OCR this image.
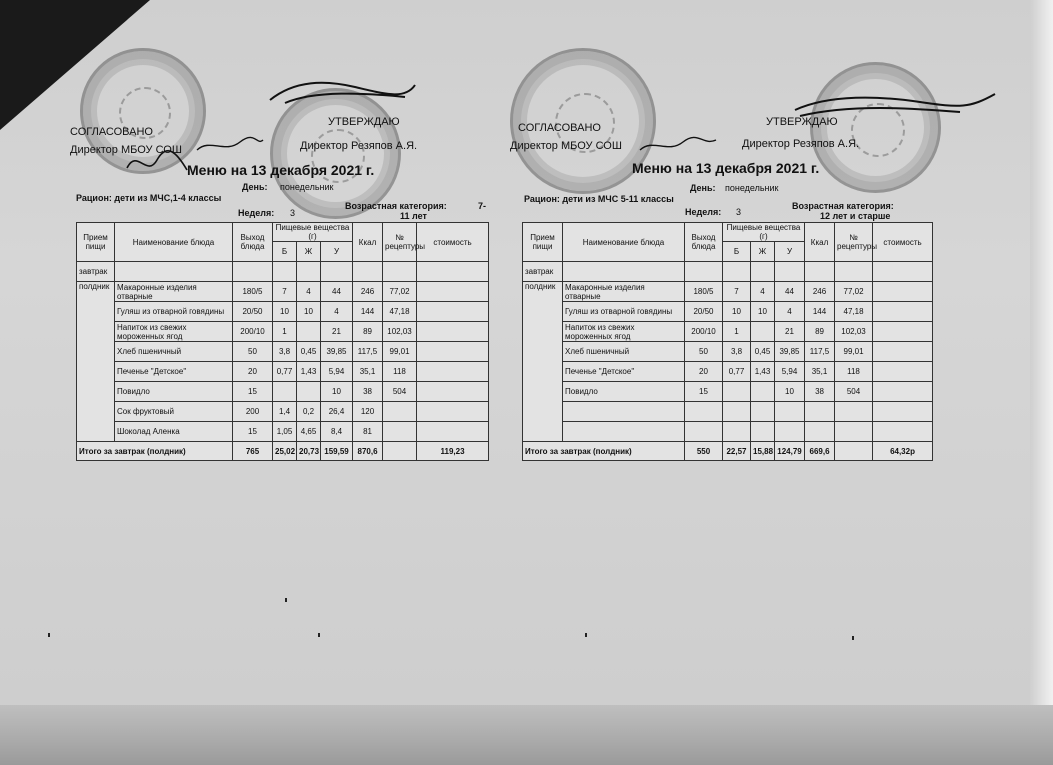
СОГЛАСОВАНО
УТВЕРЖДАЮ
Директор МБОУ СОШ	Директор Резяпов А.Я.
Меню на 13 декабря 2021 г.
День: понедельник
Рацион: дети из МЧС,1-4 классы
Возрастная категория:	7-
11 лет
Неделя: 3
Прием пищи	Наименование блюда	Выход блюда	Пищевые вещества (г)			Ккал	№ рецептуры	стоимость
			Б	Ж	У			
завтрак								
полдник	Макаронные изделия отварные	180/5	7	4	44	246	77,02	
	Гуляш из отварной говядины	20/50	10	10	4	144	47,18	
	Напиток из свежих мороженных ягод	200/10	1		21	89	102,03	
	Хлеб пшеничный	50	3,8	0,45	39,85	117,5	99,01	
	Печенье "Детское"	20	0,77	1,43	5,94	35,1	118	
	Повидло	15			10	38	504	
	Сок фруктовый	200	1,4	0,2	26,4	120		
	Шоколад Аленка	15	1,05	4,65	8,4	81		
Итого за завтрак (полдник)		765	25,02	20,73	159,59	870,6		119,23
СОГЛАСОВАНО	УТВЕРЖДАЮ
Директор МБОУ СОШ	Директор Резяпов А.Я.
Меню на 13 декабря 2021 г.
День: понедельник
Рацион: дети из МЧС 5-11 классы
Возрастная категория:
12 лет и старше
Неделя: 3
Прием пищи	Наименование блюда	Выход блюда	Пищевые вещества (г)			Ккал	№ рецептуры	стоимость
			Б	Ж	У			
завтрак								
полдник	Макаронные изделия отварные	180/5	7	4	44	246	77,02	
	Гуляш из отварной говядины	20/50	10	10	4	144	47,18	
	Напиток из свежих мороженных ягод	200/10	1		21	89	102,03	
	Хлеб пшеничный	50	3,8	0,45	39,85	117,5	99,01	
	Печенье "Детское"	20	0,77	1,43	5,94	35,1	118	
	Повидло	15			10	38	504	

Итого за завтрак (полдник)		550	22,57	15,88	124,79	669,6		64,32р
